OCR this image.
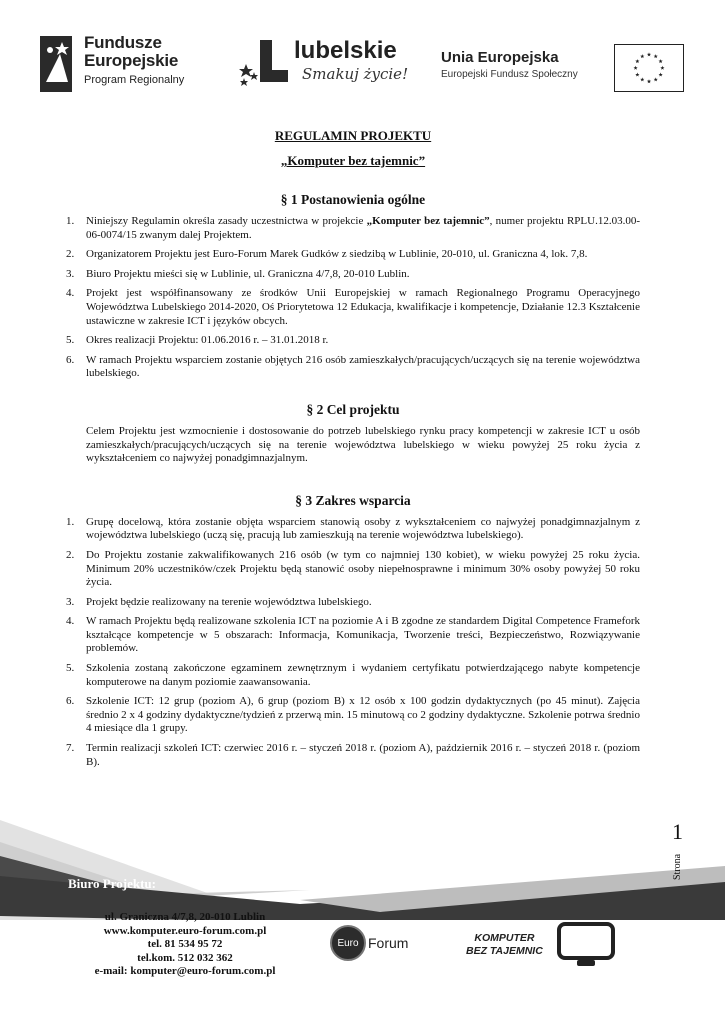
Fundusze
Europejskie
Program Regionalny
lubelskie
Smakuj życie!
Unia Europejska
Europejski Fundusz Społeczny
REGULAMIN PROJEKTU
„Komputer bez tajemnic”
§ 1 Postanowienia ogólne
1. Niniejszy Regulamin określa zasady uczestnictwa w projekcie „Komputer bez tajemnic”, numer projektu RPLU.12.03.00-06-0074/15 zwanym dalej Projektem.
2. Organizatorem Projektu jest Euro-Forum Marek Gudków z siedzibą w Lublinie, 20-010, ul. Graniczna 4, lok. 7,8.
3. Biuro Projektu mieści się w Lublinie, ul. Graniczna 4/7,8, 20-010 Lublin.
4. Projekt jest współfinansowany ze środków Unii Europejskiej w ramach Regionalnego Programu Operacyjnego Województwa Lubelskiego 2014-2020, Oś Priorytetowa 12 Edukacja, kwalifikacje i kompetencje, Działanie 12.3 Kształcenie ustawiczne w zakresie ICT i języków obcych.
5. Okres realizacji Projektu: 01.06.2016 r. – 31.01.2018 r.
6. W ramach Projektu wsparciem zostanie objętych 216 osób zamieszkałych/pracujących/uczących się na terenie województwa lubelskiego.
§ 2 Cel projektu
Celem Projektu jest wzmocnienie i dostosowanie do potrzeb lubelskiego rynku pracy kompetencji w zakresie ICT u osób zamieszkałych/pracujących/uczących się na terenie województwa lubelskiego w wieku powyżej 25 roku życia z wykształceniem co najwyżej ponadgimnazjalnym.
§ 3 Zakres wsparcia
1. Grupę docelową, która zostanie objęta wsparciem stanowią osoby z wykształceniem co najwyżej ponadgimnazjalnym z województwa lubelskiego (uczą się, pracują lub zamieszkują na terenie województwa lubelskiego).
2. Do Projektu zostanie zakwalifikowanych 216 osób (w tym co najmniej 130 kobiet), w wieku powyżej 25 roku życia. Minimum 20% uczestników/czek Projektu będą stanowić osoby niepełnosprawne i minimum 30% osoby powyżej 50 roku życia.
3. Projekt będzie realizowany na terenie województwa lubelskiego.
4. W ramach Projektu będą realizowane szkolenia ICT na poziomie A i B zgodne ze standardem Digital Competence Framefork kształcące kompetencje w 5 obszarach: Informacja, Komunikacja, Tworzenie treści, Bezpieczeństwo, Rozwiązywanie problemów.
5. Szkolenia zostaną zakończone egzaminem zewnętrznym i wydaniem certyfikatu potwierdzającego nabyte kompetencje komputerowe na danym poziomie zaawansowania.
6. Szkolenie ICT: 12 grup (poziom A), 6 grup (poziom B) x 12 osób x 100 godzin dydaktycznych (po 45 minut). Zajęcia średnio 2 x 4 godziny dydaktyczne/tydzień z przerwą min. 15 minutową co 2 godziny dydaktyczne. Szkolenie potrwa średnio 4 miesiące dla 1 grupy.
7. Termin realizacji szkoleń ICT: czerwiec 2016 r. – styczeń 2018 r. (poziom A), październik 2016 r. – styczeń 2018 r. (poziom B).
1
Strona
Biuro Projektu:
ul. Graniczna 4/7,8, 20-010 Lublin
www.komputer.euro-forum.com.pl
tel. 81 534 95 72
tel.kom. 512 032 362
e-mail: komputer@euro-forum.com.pl
Euro Forum	KOMPUTER
BEZ TAJEMNIC
